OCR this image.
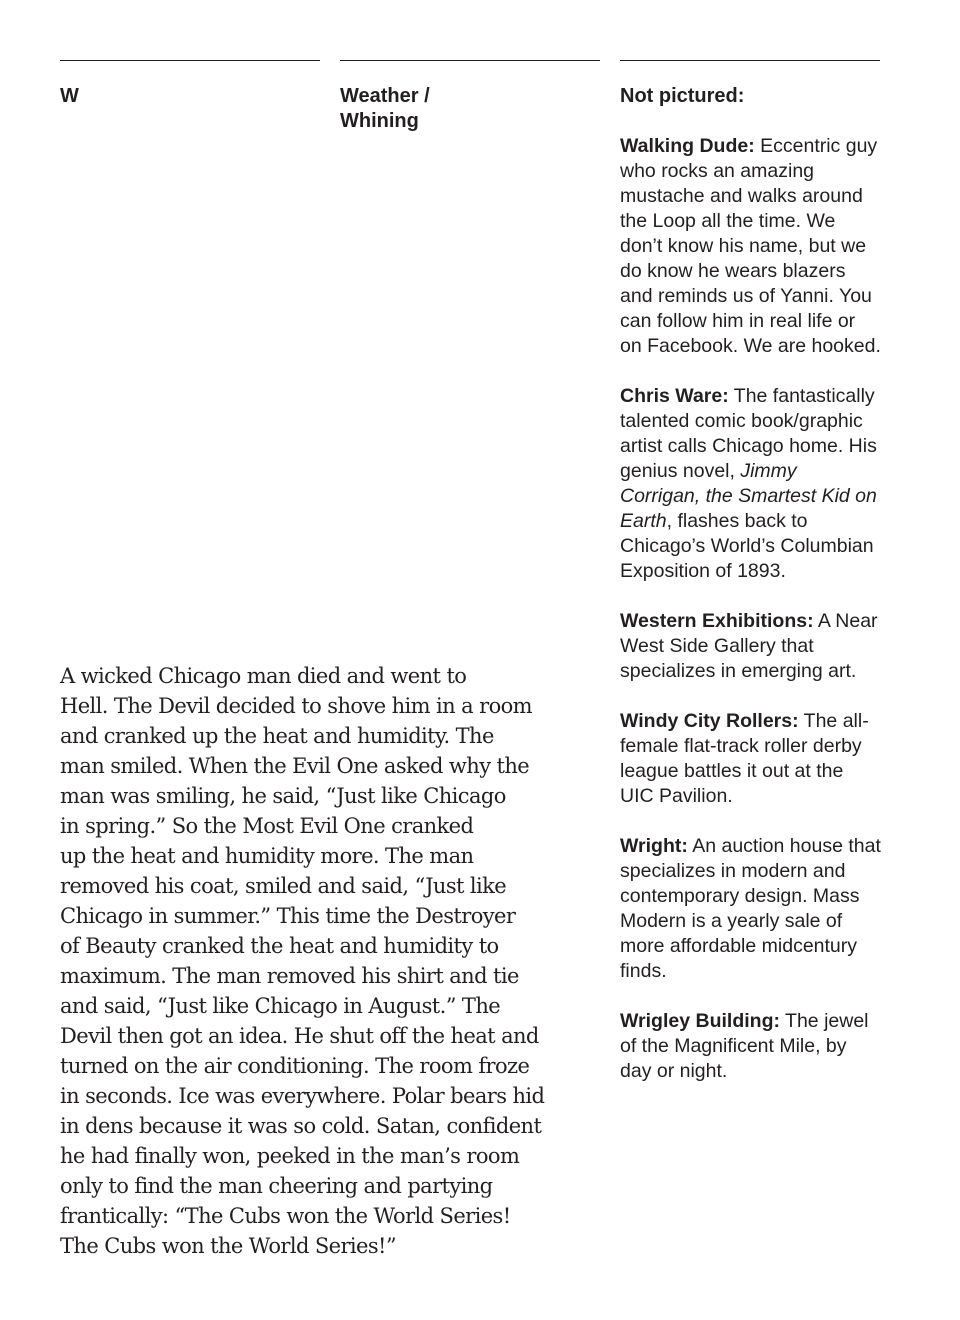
W	Weather /
Whining
Not pictured:

Walking Dude: Eccentric guy who rocks an amazing mustache and walks around the Loop all the time. We don’t know his name, but we do know he wears blazers and reminds us of Yanni. You can follow him in real life or on Facebook. We are hooked.

Chris Ware: The fantastically talented comic book/graphic artist calls Chicago home. His genius novel, Jimmy Corrigan, the Smartest Kid on Earth, flashes back to Chicago’s World’s Columbian Exposition of 1893.

Western Exhibitions: A Near West Side Gallery that specializes in emerging art.

Windy City Rollers: The all-female flat-track roller derby league battles it out at the UIC Pavilion.

Wright: An auction house that specializes in modern and contemporary design. Mass Modern is a yearly sale of more affordable midcentury finds.

Wrigley Building: The jewel of the Magnificent Mile, by day or night.

A wicked Chicago man died and went to
Hell. The Devil decided to shove him in a room
and cranked up the heat and humidity. The
man smiled. When the Evil One asked why the
man was smiling, he said, “Just like Chicago
in spring.” So the Most Evil One cranked
up the heat and humidity more. The man
removed his coat, smiled and said, “Just like
Chicago in summer.” This time the Destroyer
of Beauty cranked the heat and humidity to
maximum. The man removed his shirt and tie
and said, “Just like Chicago in August.” The
Devil then got an idea. He shut off the heat and
turned on the air conditioning. The room froze
in seconds. Ice was everywhere. Polar bears hid
in dens because it was so cold. Satan, confident
he had finally won, peeked in the man’s room
only to find the man cheering and partying
frantically: “The Cubs won the World Series!
The Cubs won the World Series!”
